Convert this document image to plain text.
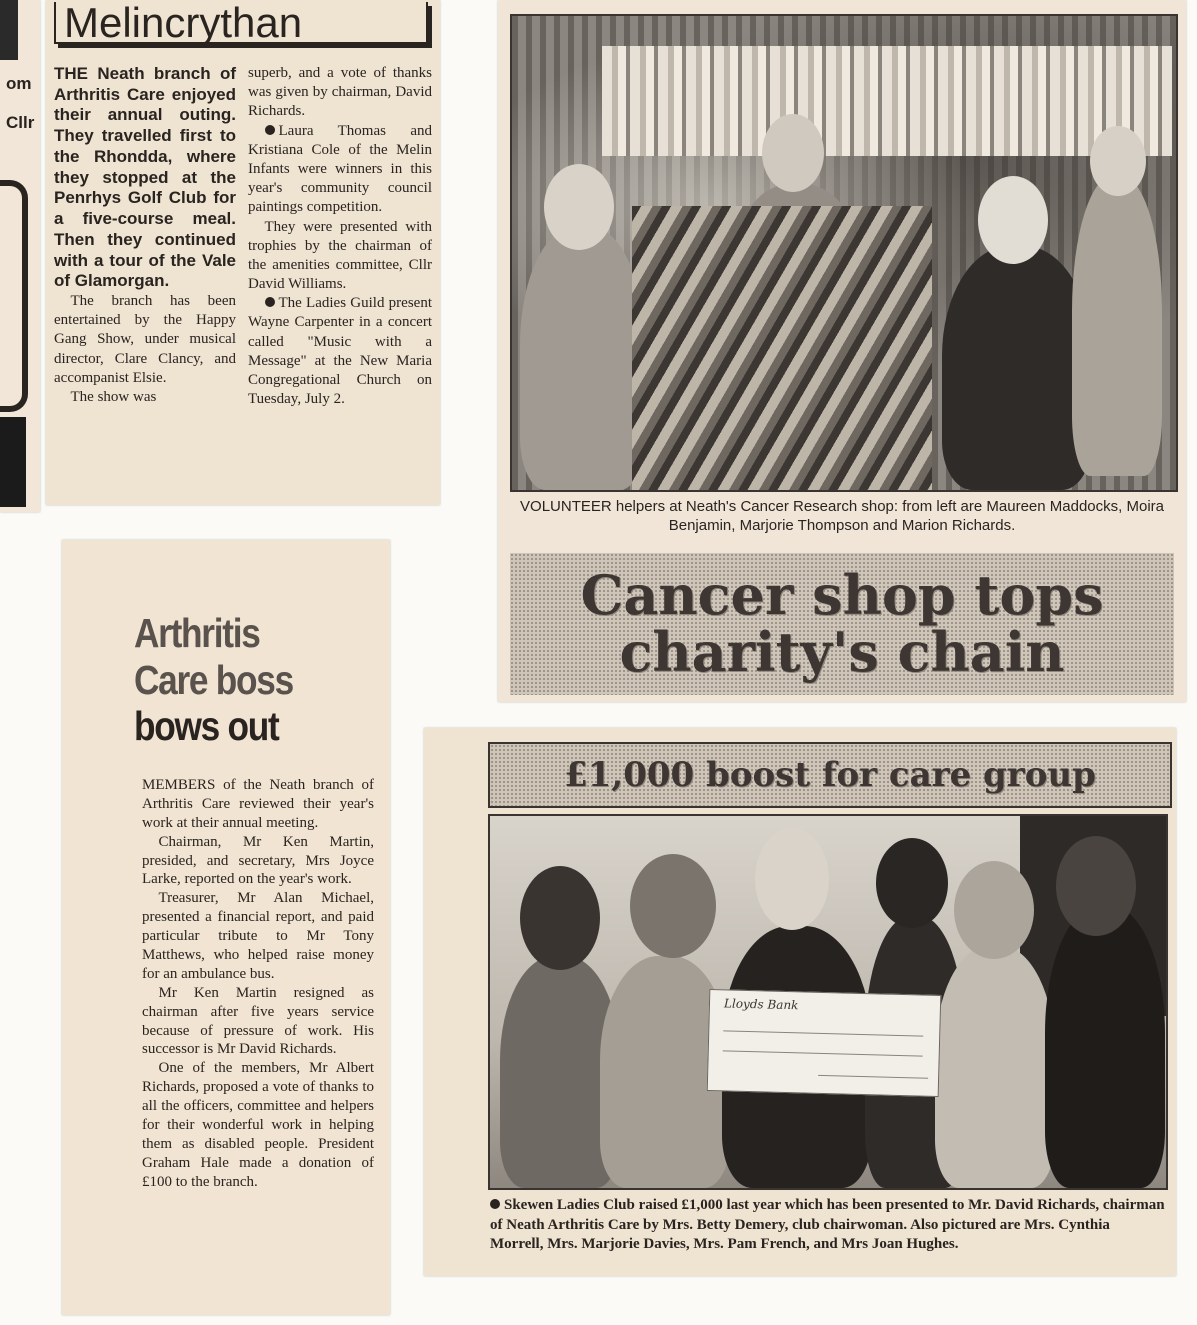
om
Cllr
Melincrythan

THE Neath branch of Arthritis Care enjoyed their annual outing. They travelled first to the Rhondda, where they stopped at the Penrhys Golf Club for a five-course meal. Then they continued with a tour of the Vale of Glamorgan.

The branch has been entertained by the Happy Gang Show, under musical director, Clare Clancy, and accompanist Elsie.

The show was

superb, and a vote of thanks was given by chairman, David Richards.

Laura Thomas and Kristiana Cole of the Melin Infants were winners in this year's community council paintings competition.

They were presented with trophies by the chairman of the amenities committee, Cllr David Williams.

The Ladies Guild present Wayne Carpenter in a concert called "Music with a Message" at the New Maria Congregational Church on Tuesday, July 2.

VOLUNTEER helpers at Neath's Cancer Research shop: from left are Maureen Maddocks, Moira Benjamin, Marjorie Thompson and Marion Richards.
Cancer shop tops
charity's chain
Arthritis
Care boss
bows out

MEMBERS of the Neath branch of Arthritis Care reviewed their year's work at their annual meeting.

Chairman, Mr Ken Martin, presided, and secretary, Mrs Joyce Larke, reported on the year's work.

Treasurer, Mr Alan Michael, presented a financial report, and paid particular tribute to Mr Tony Matthews, who helped raise money for an ambulance bus.

Mr Ken Martin resigned as chairman after five years service because of pressure of work. His successor is Mr David Richards.

One of the members, Mr Albert Richards, proposed a vote of thanks to all the officers, committee and helpers for their wonderful work in helping them as disabled people. President Graham Hale made a donation of £100 to the branch.

£1,000 boost for care group
Lloyds Bank
Skewen Ladies Club raised £1,000 last year which has been presented to Mr. David Richards, chairman of Neath Arthritis Care by Mrs. Betty Demery, club chairwoman. Also pictured are Mrs. Cynthia Morrell, Mrs. Marjorie Davies, Mrs. Pam French, and Mrs Joan Hughes.
